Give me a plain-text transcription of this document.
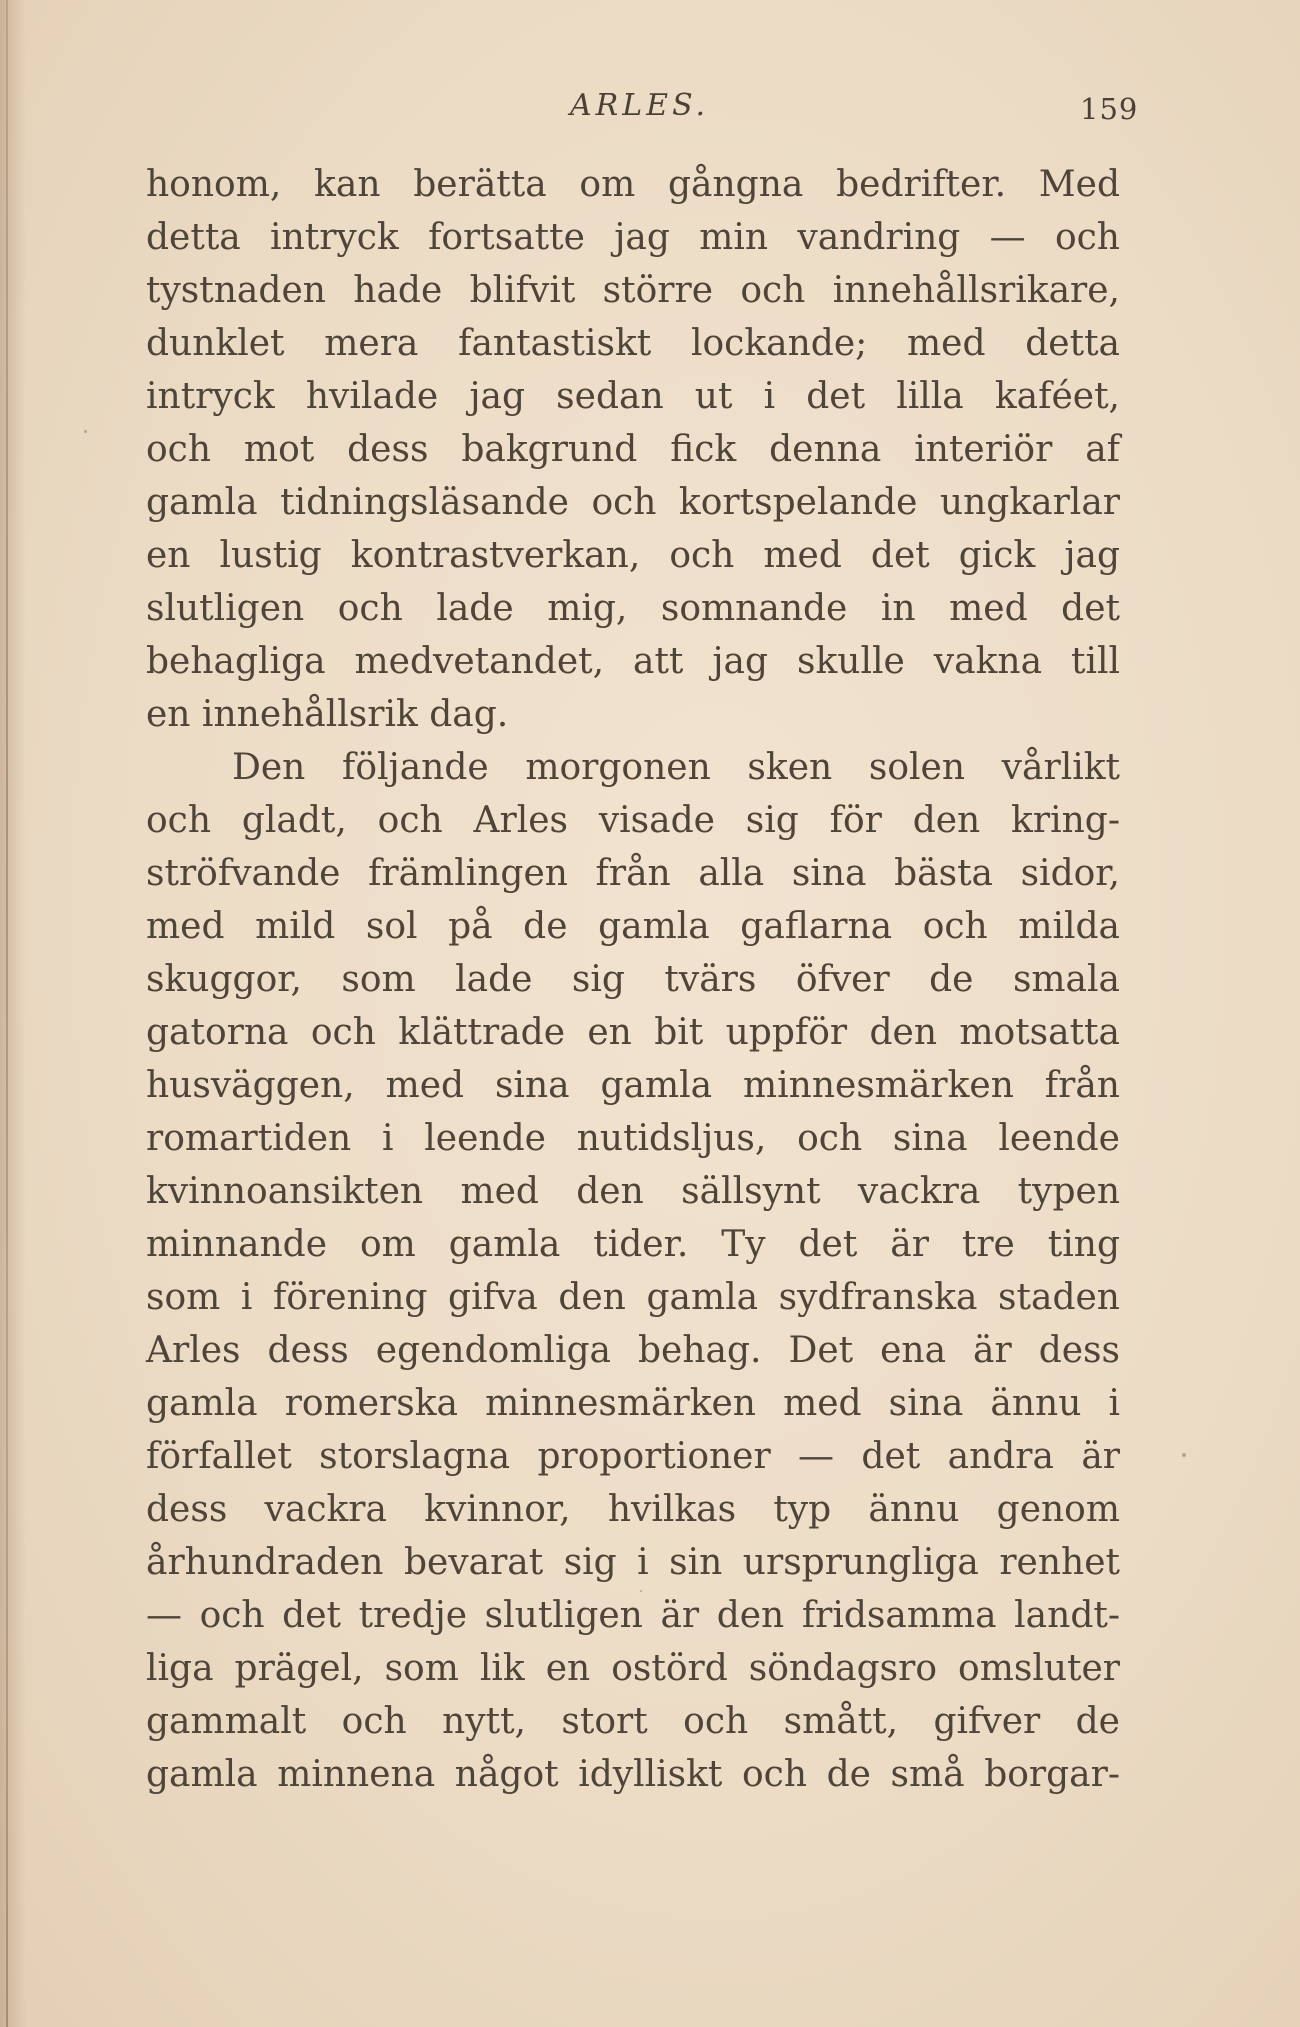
ARLES.	159
honom, kan berätta om gångna bedrifter. Med
detta intryck fortsatte jag min vandring — och
tystnaden hade blifvit större och innehållsrikare,
dunklet mera fantastiskt lockande; med detta
intryck hvilade jag sedan ut i det lilla kaféet,
och mot dess bakgrund fick denna interiör af
gamla tidningsläsande och kortspelande ungkarlar
en lustig kontrastverkan, och med det gick jag
slutligen och lade mig, somnande in med det
behagliga medvetandet, att jag skulle vakna till
en innehållsrik dag.
Den följande morgonen sken solen vårlikt
och gladt, och Arles visade sig för den kring-
ströfvande främlingen från alla sina bästa sidor,
med mild sol på de gamla gaflarna och milda
skuggor, som lade sig tvärs öfver de smala
gatorna och klättrade en bit uppför den motsatta
husväggen, med sina gamla minnesmärken från
romartiden i leende nutidsljus, och sina leende
kvinnoansikten med den sällsynt vackra typen
minnande om gamla tider. Ty det är tre ting
som i förening gifva den gamla sydfranska staden
Arles dess egendomliga behag. Det ena är dess
gamla romerska minnesmärken med sina ännu i
förfallet storslagna proportioner — det andra är
dess vackra kvinnor, hvilkas typ ännu genom
århundraden bevarat sig i sin ursprungliga renhet
— och det tredje slutligen är den fridsamma landt-
liga prägel, som lik en ostörd söndagsro omsluter
gammalt och nytt, stort och smått, gifver de
gamla minnena något idylliskt och de små borgar-
